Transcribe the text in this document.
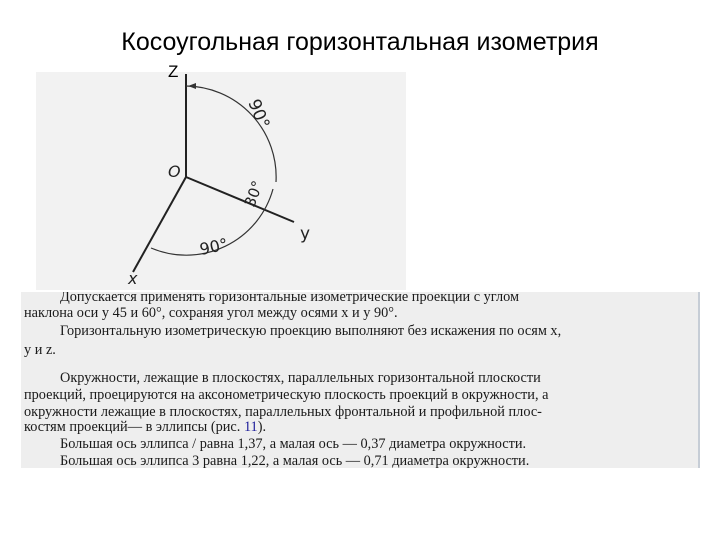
Косоугольная горизонтальная изометрия
90°
30°
90°
O
y
x
Z
Допускается применять горизонтальные изометрические проекции с углом
наклона оси y 45 и 60°, сохраняя угол между осями x и y 90°.
Горизонтальную изометрическую проекцию выполняют без искажения по осям x,
y и z.
Окружности, лежащие в плоскостях, параллельных горизонтальной плоскости
проекций, проецируются на аксонометрическую плоскость проекций в окружности, а
окружности лежащие в плоскостях, параллельных фронтальной и профильной плос-
костям проекций— в эллипсы (рис. 11).
Большая ось эллипса / равна 1,37, а малая ось — 0,37 диаметра окружности.
Большая ось эллипса 3 равна 1,22, а малая ось — 0,71 диаметра окружности.
